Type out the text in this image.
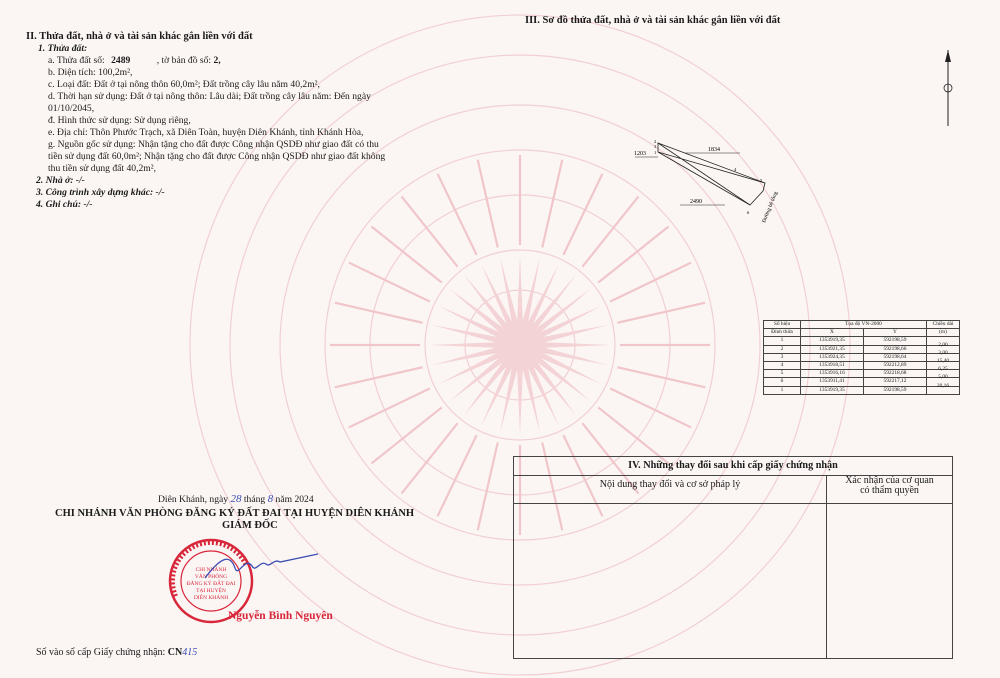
II. Thửa đất, nhà ở và tài sản khác gắn liền với đất
1. Thửa đất:
a. Thửa đất số: 2489	, tờ bản đồ số: 2,
b. Diện tích: 100,2m²,
c. Loại đất: Đất ở tại nông thôn 60,0m²; Đất trồng cây lâu năm 40,2m²,
d. Thời hạn sử dụng: Đất ở tại nông thôn: Lâu dài; Đất trồng cây lâu năm: Đến ngày
01/10/2045,
đ. Hình thức sử dụng: Sử dụng riêng,
e. Địa chỉ: Thôn Phước Trạch, xã Diên Toàn, huyện Diên Khánh, tỉnh Khánh Hòa,
g. Nguồn gốc sử dụng: Nhận tặng cho đất được Công nhận QSDĐ như giao đất có thu
tiền sử dụng đất 60,0m²; Nhận tặng cho đất được Công nhận QSDĐ như giao đất không
thu tiền sử dụng đất 40,2m²,
2. Nhà ở: -/-
3. Công trình xây dựng khác: -/-
4. Ghi chú: -/-
III. Sơ đồ thửa đất, nhà ở và tài sản khác gắn liền với đất
1203
1834
2490
2
3
1
4
5
6 Đường bê tông
Số hiệu	Tọa độ VN-2000		Chiều dài
Đỉnh thửa	X	Y	(m)
1	1353919,35	592198,59	
2	1353921,35	592198,66	2,00
3	1353924,35	592198,64	3,00
4	1353918,51	592212,89	15,40
5	1353916,16	592218,68	6,25
6	1353911,41	592217,12	5,00
1	1353919,35	592198,59	20,16
IV. Những thay đổi sau khi cấp giấy chứng nhận
Nội dung thay đổi và cơ sở pháp lý	Xác nhận của cơ quan
có thẩm quyền
Diên Khánh, ngày 28 tháng 8 năm 2024
CHI NHÁNH VĂN PHÒNG ĐĂNG KÝ ĐẤT ĐAI TẠI HUYỆN DIÊN KHÁNH
GIÁM ĐỐC
CHI NHÁNH
VĂN PHÒNG
ĐĂNG KÝ ĐẤT ĐAI
TẠI HUYỆN
DIÊN KHÁNH
Nguyễn Bình Nguyên
Số vào sổ cấp Giấy chứng nhận: CN415
